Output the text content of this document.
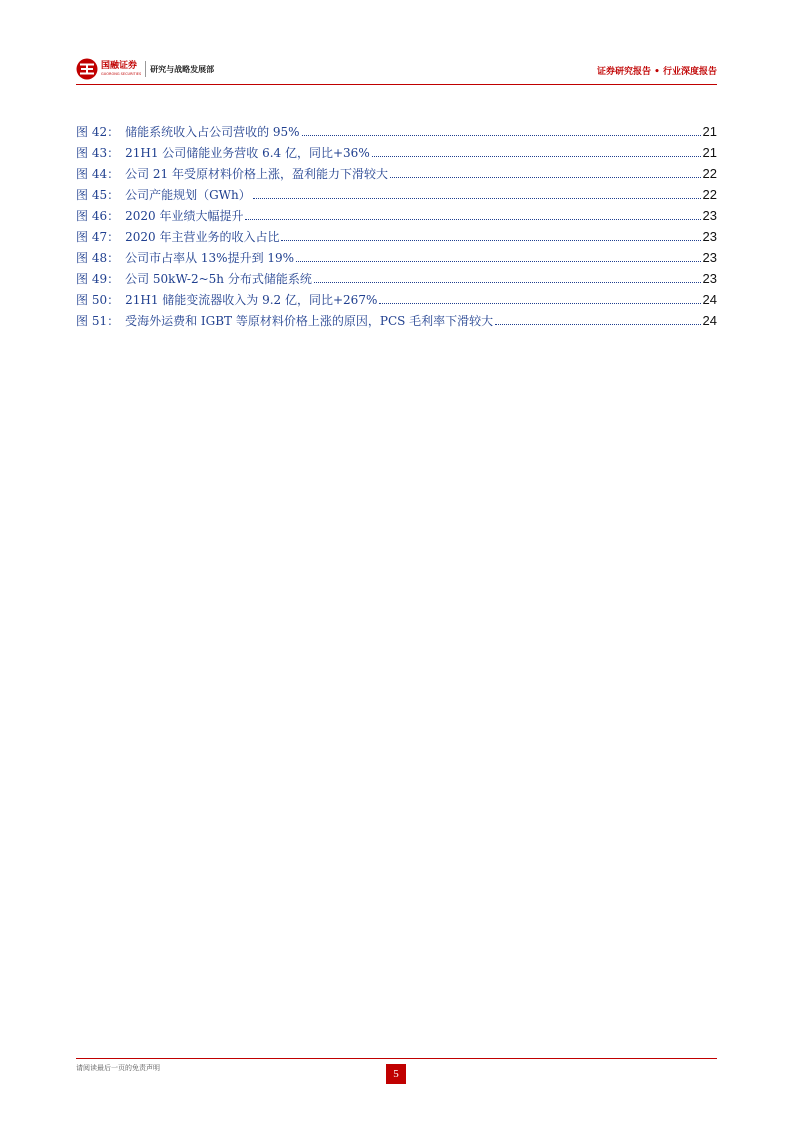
国融证券
GUORONG SECURITIES
研究与战略发展部	证券研究报告 • 行业深度报告
图 42： 储能系统收入占公司营收的 95%	21
图 43： 21H1 公司储能业务营收 6.4 亿，同比+36%	21
图 44： 公司 21 年受原材料价格上涨，盈利能力下滑较大	22
图 45： 公司产能规划（GWh）	22
图 46： 2020 年业绩大幅提升	23
图 47： 2020 年主营业务的收入占比	23
图 48： 公司市占率从 13%提升到 19%	23
图 49： 公司 50kW-2~5h 分布式储能系统	23
图 50： 21H1 储能变流器收入为 9.2 亿，同比+267%	24
图 51： 受海外运费和 IGBT 等原材料价格上涨的原因，PCS 毛利率下滑较大	24
请阅读最后一页的免责声明	5
